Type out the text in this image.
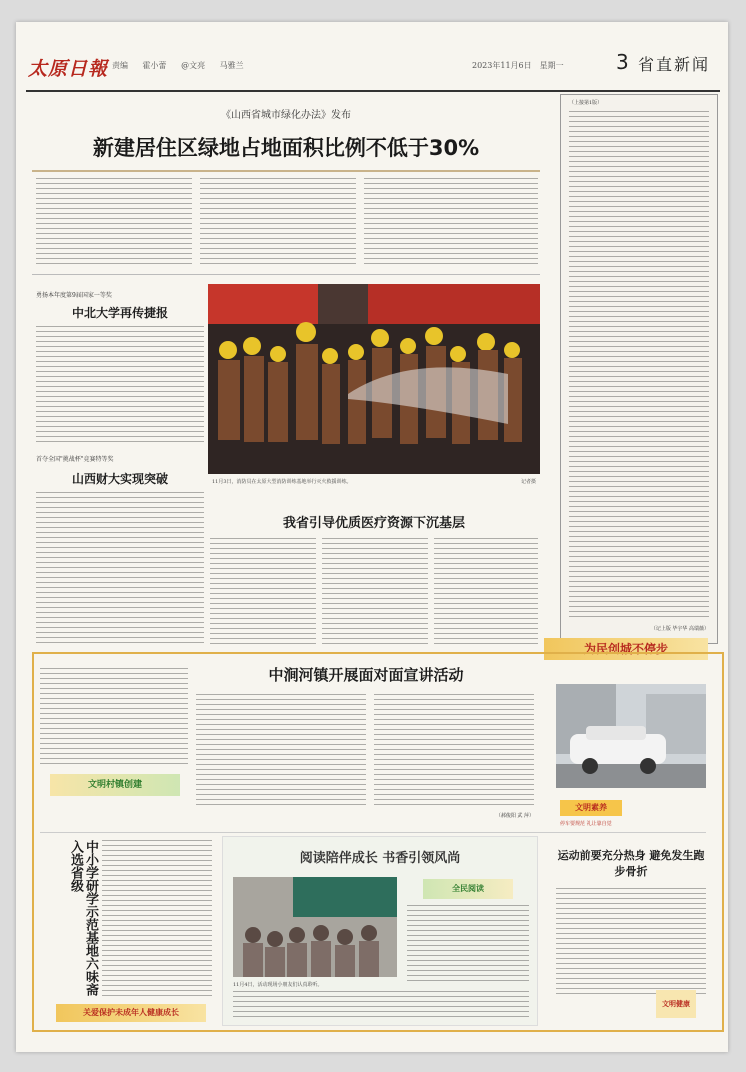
太原日報 责编 霍小蕾 @文亮 马雅兰	2023年11月6日　星期一	3 省直新闻
《山西省城市绿化办法》发布
新建居住区绿地占地面积比例不低于30%
勇扬本年度第9届国家一等奖
中北大学再传捷报
首夺全国"挑战杯"竞赛特等奖
山西财大实现突破	11月3日，消防员在太原大型消防训练基地举行灭火救援训练。	记者摄
我省引导优质医疗资源下沉基层
（上接第1版）
（记上版 毕宇华 高瑞薇）
为民创城不停步
中涧河镇开展面对面宣讲活动
文明村镇创建
（郝俊阳 武 萍）
文明素养
停车要规范 礼让靠自觉
中小学研学示范基地六味斋入选省级
关爱保护未成年人健康成长
阅读陪伴成长 书香引领风尚
11月4日，活动现场小朋友们认真聆听。
全民阅读
运动前要充分热身 避免发生跑步骨折
文明健康
